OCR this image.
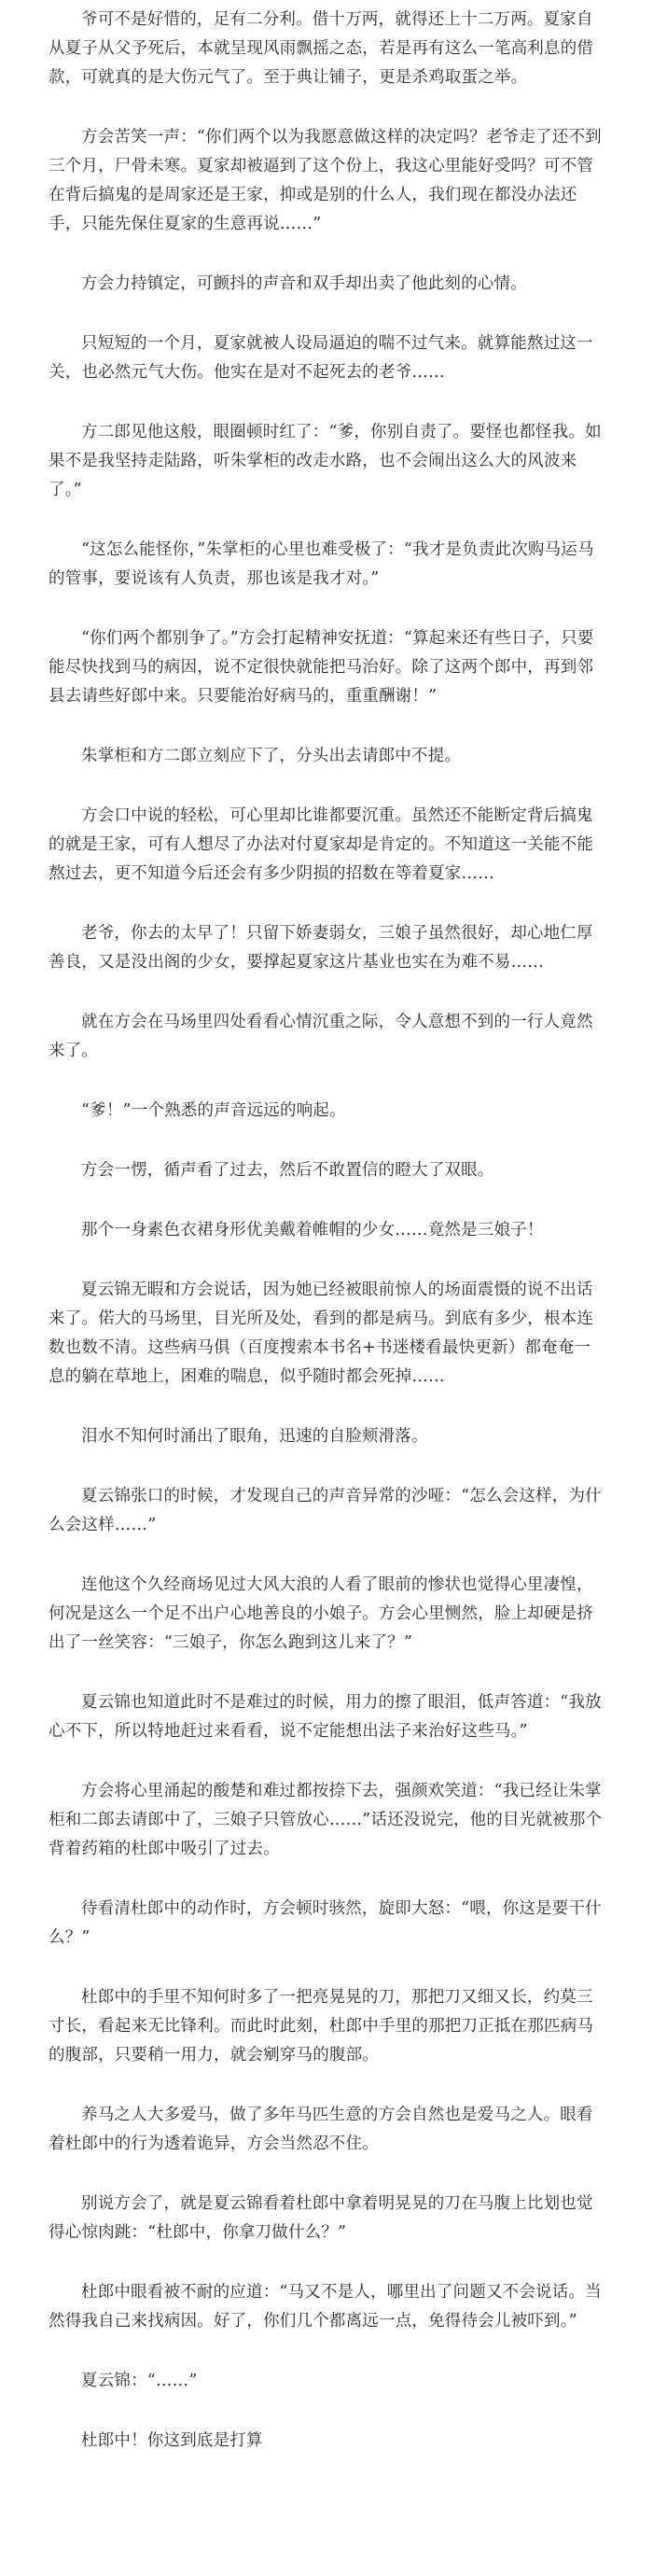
爷可不是好惜的，足有二分利。借十万两，就得还上十二万两。夏家自从夏子从父予死后，本就呈现风雨飘摇之态，若是再有这么一笔高利息的借款，可就真的是大伤元气了。至于典让铺子，更是杀鸡取蛋之举。

方会苦笑一声：“你们两个以为我愿意做这样的决定吗？老爷走了还不到三个月，尸骨未寒。夏家却被逼到了这个份上，我这心里能好受吗？可不管在背后搞鬼的是周家还是王家，抑或是别的什么人，我们现在都没办法还手，只能先保住夏家的生意再说……”

方会力持镇定，可颤抖的声音和双手却出卖了他此刻的心情。

只短短的一个月，夏家就被人设局逼迫的喘不过气来。就算能熬过这一关，也必然元气大伤。他实在是对不起死去的老爷……

方二郎见他这般，眼圈顿时红了：“爹，你别自责了。要怪也都怪我。如果不是我坚持走陆路，听朱掌柜的改走水路，也不会闹出这么大的风波来了。”

“这怎么能怪你，”朱掌柜的心里也难受极了：“我才是负责此次购马运马的管事，要说该有人负责，那也该是我才对。”

“你们两个都别争了。”方会打起精神安抚道：“算起来还有些日子，只要能尽快找到马的病因，说不定很快就能把马治好。除了这两个郎中，再到邻县去请些好郎中来。只要能治好病马的，重重酬谢！”

朱掌柜和方二郎立刻应下了，分头出去请郎中不提。

方会口中说的轻松，可心里却比谁都要沉重。虽然还不能断定背后搞鬼的就是王家，可有人想尽了办法对付夏家却是肯定的。不知道这一关能不能熬过去，更不知道今后还会有多少阴损的招数在等着夏家……

老爷，你去的太早了！只留下娇妻弱女，三娘子虽然很好，却心地仁厚善良，又是没出阁的少女，要撑起夏家这片基业也实在为难不易……

就在方会在马场里四处看看心情沉重之际，令人意想不到的一行人竟然来了。

“爹！”一个熟悉的声音远远的响起。

方会一愣，循声看了过去，然后不敢置信的瞪大了双眼。

那个一身素色衣裙身形优美戴着帷帽的少女……竟然是三娘子！

夏云锦无暇和方会说话，因为她已经被眼前惊人的场面震慑的说不出话来了。偌大的马场里，目光所及处，看到的都是病马。到底有多少，根本连数也数不清。这些病马俱（百度搜索本书名+书迷楼看最快更新）都奄奄一息的躺在草地上，困难的喘息，似乎随时都会死掉……

泪水不知何时涌出了眼角，迅速的自脸颊滑落。

夏云锦张口的时候，才发现自己的声音异常的沙哑：“怎么会这样，为什么会这样……”

连他这个久经商场见过大风大浪的人看了眼前的惨状也觉得心里凄惶，何况是这么一个足不出户心地善良的小娘子。方会心里恻然，脸上却硬是挤出了一丝笑容：“三娘子，你怎么跑到这儿来了？”

夏云锦也知道此时不是难过的时候，用力的擦了眼泪，低声答道：“我放心不下，所以特地赶过来看看，说不定能想出法子来治好这些马。”

方会将心里涌起的酸楚和难过都按捺下去，强颜欢笑道：“我已经让朱掌柜和二郎去请郎中了，三娘子只管放心……”话还没说完，他的目光就被那个背着药箱的杜郎中吸引了过去。

待看清杜郎中的动作时，方会顿时骇然，旋即大怒：“喂，你这是要干什么？”

杜郎中的手里不知何时多了一把亮晃晃的刀，那把刀又细又长，约莫三寸长，看起来无比锋利。而此时此刻，杜郎中手里的那把刀正抵在那匹病马的腹部，只要稍一用力，就会剜穿马的腹部。

养马之人大多爱马，做了多年马匹生意的方会自然也是爱马之人。眼看着杜郎中的行为透着诡异，方会当然忍不住。

别说方会了，就是夏云锦看着杜郎中拿着明晃晃的刀在马腹上比划也觉得心惊肉跳：“杜郎中，你拿刀做什么？”

杜郎中眼看被不耐的应道：“马又不是人，哪里出了问题又不会说话。当然得我自己来找病因。好了，你们几个都离远一点，免得待会儿被吓到。”

夏云锦：“……”

杜郎中！你这到底是打算
